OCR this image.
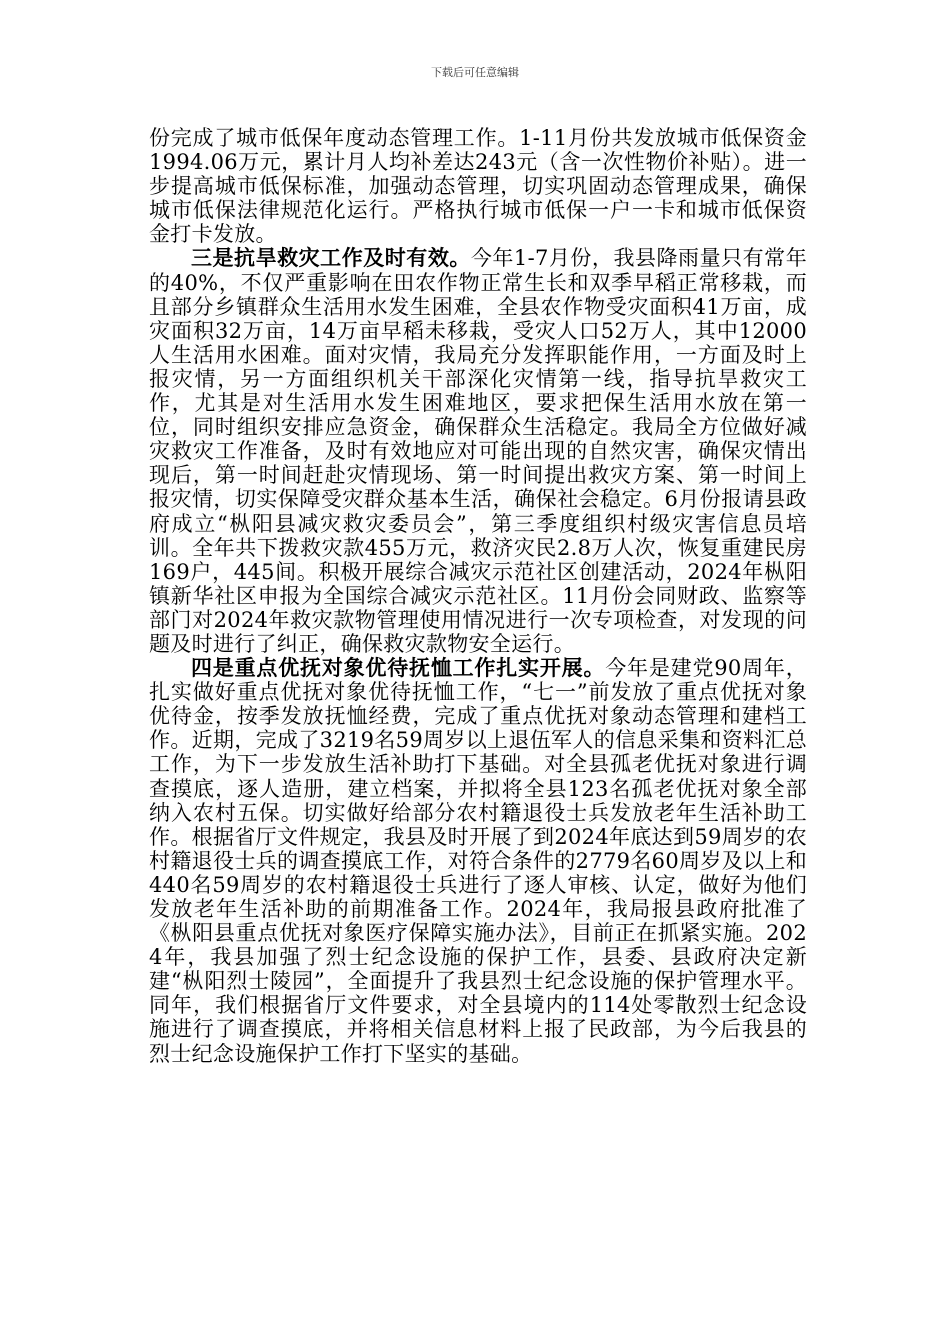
下载后可任意编辑

份完成了城市低保年度动态管理工作。1-11月份共发放城市低保资金1994.06万元，累计月人均补差达243元（含一次性物价补贴）。进一步提高城市低保标准，加强动态管理，切实巩固动态管理成果，确保城市低保法律规范化运行。严格执行城市低保一户一卡和城市低保资金打卡发放。

三是抗旱救灾工作及时有效。今年1-7月份，我县降雨量只有常年的40%，不仅严重影响在田农作物正常生长和双季早稻正常移栽，而且部分乡镇群众生活用水发生困难，全县农作物受灾面积41万亩，成灾面积32万亩，14万亩早稻未移栽，受灾人口52万人，其中12000人生活用水困难。面对灾情，我局充分发挥职能作用，一方面及时上报灾情，另一方面组织机关干部深化灾情第一线，指导抗旱救灾工作，尤其是对生活用水发生困难地区，要求把保生活用水放在第一位，同时组织安排应急资金，确保群众生活稳定。我局全方位做好减灾救灾工作准备，及时有效地应对可能出现的自然灾害，确保灾情出现后，第一时间赶赴灾情现场、第一时间提出救灾方案、第一时间上报灾情，切实保障受灾群众基本生活，确保社会稳定。6月份报请县政府成立“枞阳县减灾救灾委员会”，第三季度组织村级灾害信息员培训。全年共下拨救灾款455万元，救济灾民2.8万人次，恢复重建民房169户，445间。积极开展综合减灾示范社区创建活动，2024年枞阳镇新华社区申报为全国综合减灾示范社区。11月份会同财政、监察等部门对2024年救灾款物管理使用情况进行一次专项检查，对发现的问题及时进行了纠正，确保救灾款物安全运行。

四是重点优抚对象优待抚恤工作扎实开展。今年是建党90周年，扎实做好重点优抚对象优待抚恤工作，“七一”前发放了重点优抚对象优待金，按季发放抚恤经费，完成了重点优抚对象动态管理和建档工作。近期，完成了3219名59周岁以上退伍军人的信息采集和资料汇总工作，为下一步发放生活补助打下基础。对全县孤老优抚对象进行调查摸底，逐人造册，建立档案，并拟将全县123名孤老优抚对象全部纳入农村五保。切实做好给部分农村籍退役士兵发放老年生活补助工作。根据省厅文件规定，我县及时开展了到2024年底达到59周岁的农村籍退役士兵的调查摸底工作，对符合条件的2779名60周岁及以上和440名59周岁的农村籍退役士兵进行了逐人审核、认定，做好为他们发放老年生活补助的前期准备工作。2024年，我局报县政府批准了《枞阳县重点优抚对象医疗保障实施办法》，目前正在抓紧实施。2024年，我县加强了烈士纪念设施的保护工作，县委、县政府决定新建“枞阳烈士陵园”，全面提升了我县烈士纪念设施的保护管理水平。同年，我们根据省厅文件要求，对全县境内的114处零散烈士纪念设施进行了调查摸底，并将相关信息材料上报了民政部，为今后我县的烈士纪念设施保护工作打下坚实的基础。
